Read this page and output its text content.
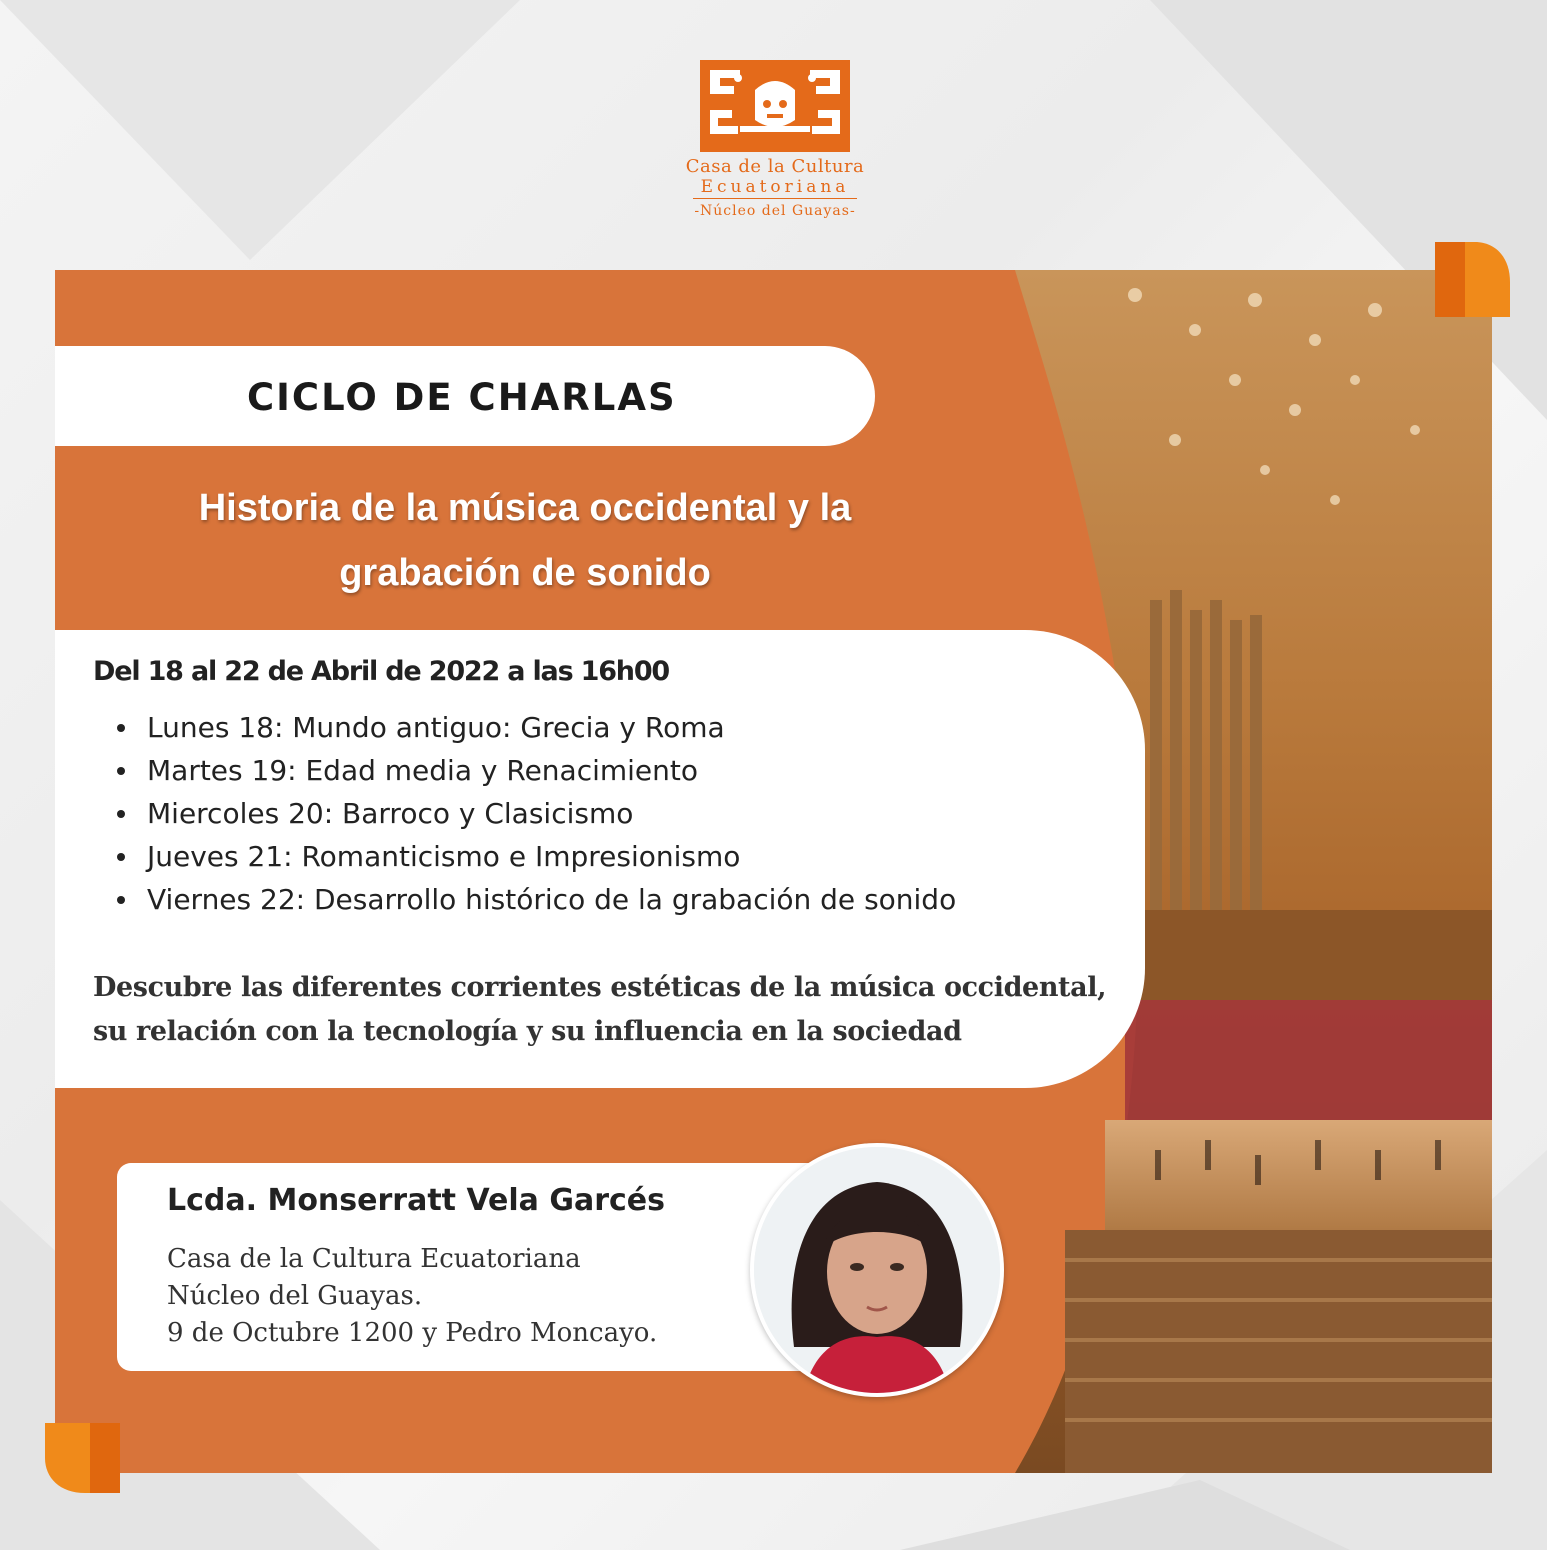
Casa de la Cultura
Ecuatoriana
-Núcleo del Guayas-
CICLO DE CHARLAS
Historia de la música occidental y la
grabación de sonido
Del 18 al 22 de Abril de 2022 a las 16h00
Lunes 18: Mundo antiguo: Grecia y Roma
Martes 19: Edad media y Renacimiento
Miercoles 20: Barroco y Clasicismo
Jueves 21: Romanticismo e Impresionismo
Viernes 22: Desarrollo histórico de la grabación de sonido
Descubre las diferentes corrientes estéticas de la música occidental,
su relación con la tecnología y su influencia en la sociedad
Lcda. Monserratt Vela Garcés
Casa de la Cultura Ecuatoriana
Núcleo del Guayas.
9 de Octubre 1200 y Pedro Moncayo.
